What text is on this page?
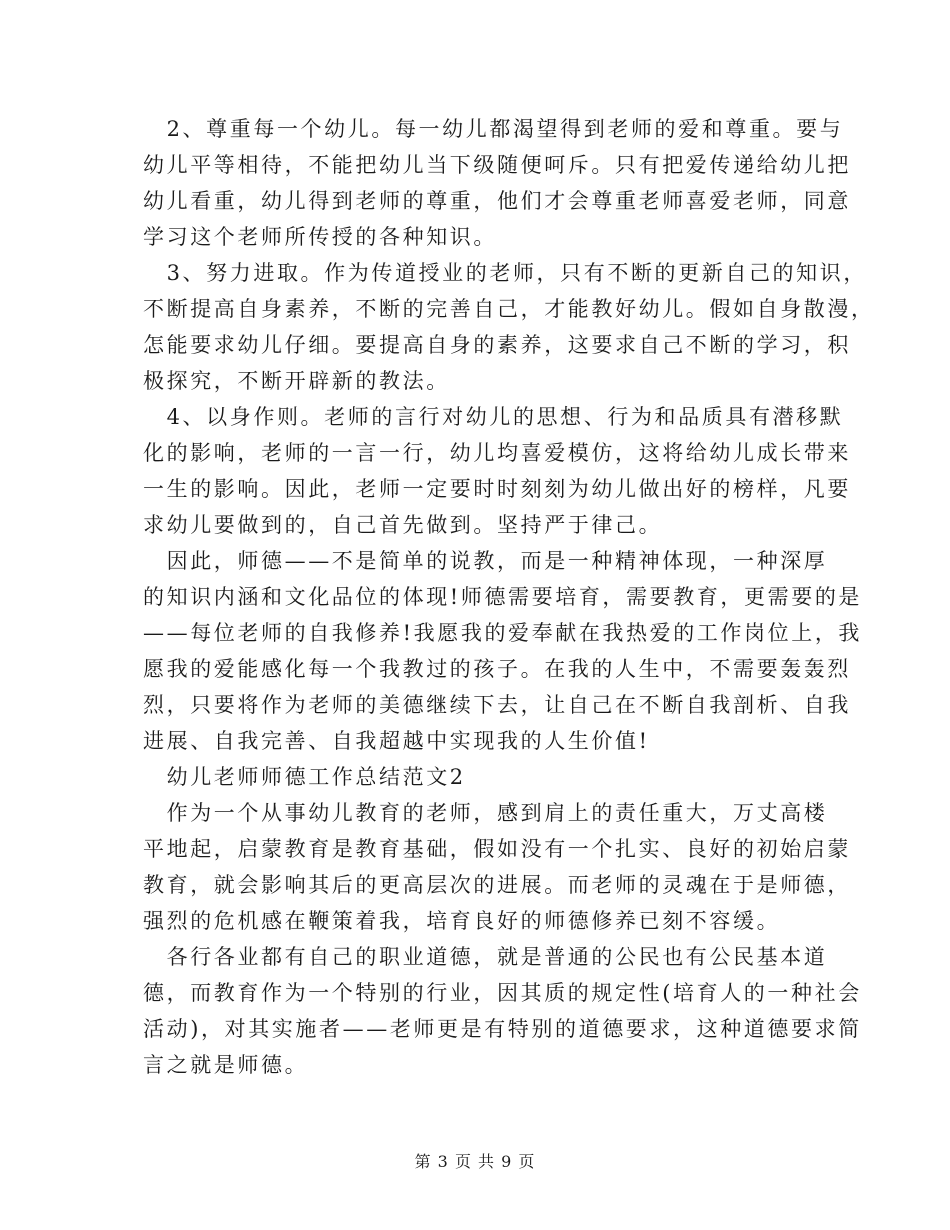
　2、尊重每一个幼儿。每一幼儿都渴望得到老师的爱和尊重。要与
幼儿平等相待，不能把幼儿当下级随便呵斥。只有把爱传递给幼儿把
幼儿看重，幼儿得到老师的尊重，他们才会尊重老师喜爱老师，同意
学习这个老师所传授的各种知识。
　3、努力进取。作为传道授业的老师，只有不断的更新自己的知识，
不断提高自身素养，不断的完善自己，才能教好幼儿。假如自身散漫，
怎能要求幼儿仔细。要提高自身的素养，这要求自己不断的学习，积
极探究，不断开辟新的教法。
　4、以身作则。老师的言行对幼儿的思想、行为和品质具有潜移默
化的影响，老师的一言一行，幼儿均喜爱模仿，这将给幼儿成长带来
一生的影响。因此，老师一定要时时刻刻为幼儿做出好的榜样，凡要
求幼儿要做到的，自己首先做到。坚持严于律己。
　因此，师德——不是简单的说教，而是一种精神体现，一种深厚
的知识内涵和文化品位的体现!师德需要培育，需要教育，更需要的是
——每位老师的自我修养!我愿我的爱奉献在我热爱的工作岗位上，我
愿我的爱能感化每一个我教过的孩子。在我的人生中，不需要轰轰烈
烈，只要将作为老师的美德继续下去，让自己在不断自我剖析、自我
进展、自我完善、自我超越中实现我的人生价值!
　幼儿老师师德工作总结范文2
　作为一个从事幼儿教育的老师，感到肩上的责任重大，万丈高楼
平地起，启蒙教育是教育基础，假如没有一个扎实、良好的初始启蒙
教育，就会影响其后的更高层次的进展。而老师的灵魂在于是师德，
强烈的危机感在鞭策着我，培育良好的师德修养已刻不容缓。
　各行各业都有自己的职业道德，就是普通的公民也有公民基本道
德，而教育作为一个特别的行业，因其质的规定性(培育人的一种社会
活动)，对其实施者——老师更是有特别的道德要求，这种道德要求简
言之就是师德。
第 3 页 共 9 页
